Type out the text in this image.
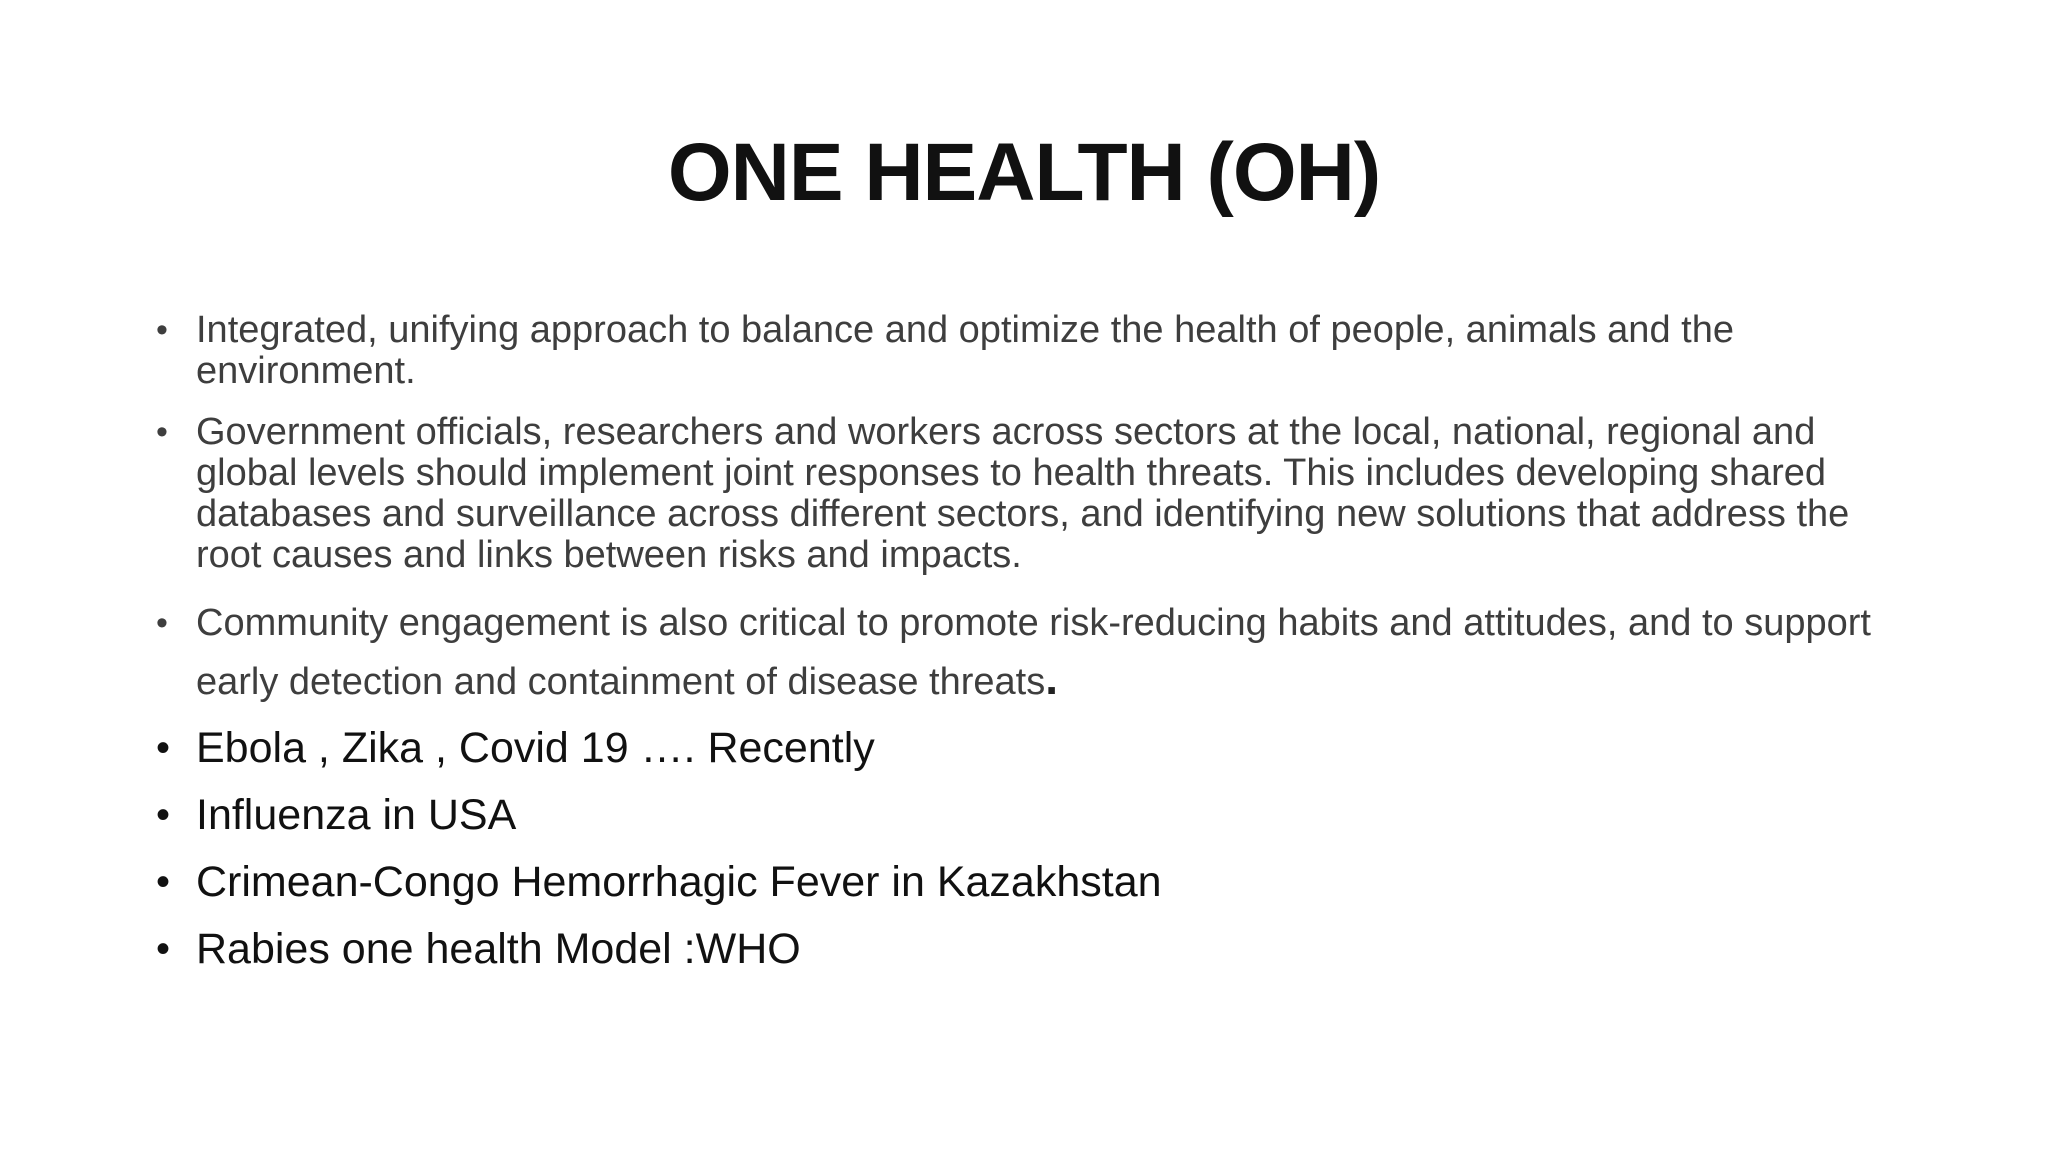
ONE HEALTH (OH)
• Integrated, unifying approach to balance and optimize the health of people, animals and the environment.
• Government officials, researchers and workers across sectors at the local, national, regional and global levels should implement joint responses to health threats. This includes developing shared databases and surveillance across different sectors, and identifying new solutions that address the root causes and links between risks and impacts.
• Community engagement is also critical to promote risk-reducing habits and attitudes, and to support early detection and containment of disease threats.
• Ebola , Zika , Covid 19 …. Recently
• Influenza in USA
• Crimean-Congo Hemorrhagic Fever in Kazakhstan
• Rabies one health Model :WHO
